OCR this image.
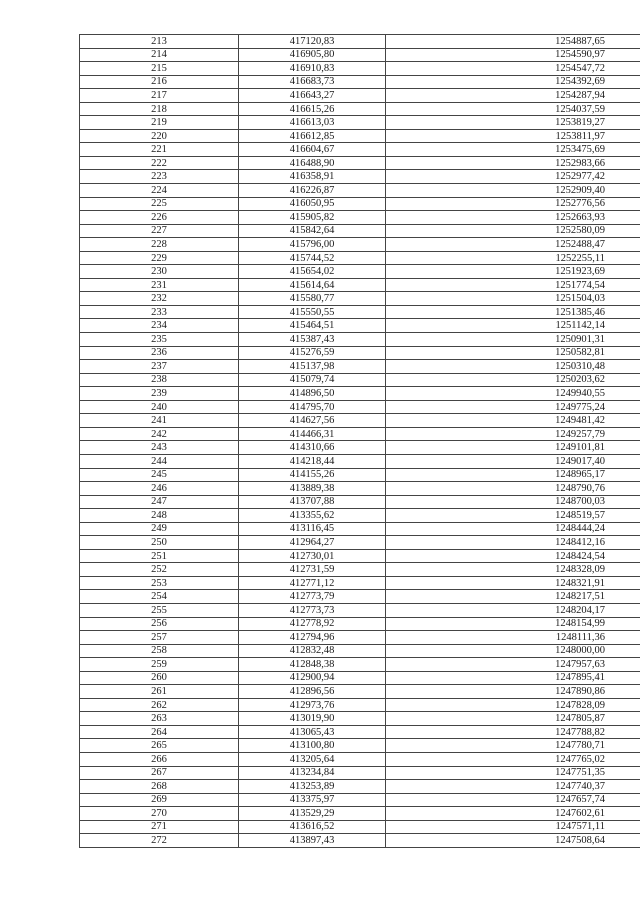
213	417120,83	1254887,65
214	416905,80	1254590,97
215	416910,83	1254547,72
216	416683,73	1254392,69
217	416643,27	1254287,94
218	416615,26	1254037,59
219	416613,03	1253819,27
220	416612,85	1253811,97
221	416604,67	1253475,69
222	416488,90	1252983,66
223	416358,91	1252977,42
224	416226,87	1252909,40
225	416050,95	1252776,56
226	415905,82	1252663,93
227	415842,64	1252580,09
228	415796,00	1252488,47
229	415744,52	1252255,11
230	415654,02	1251923,69
231	415614,64	1251774,54
232	415580,77	1251504,03
233	415550,55	1251385,46
234	415464,51	1251142,14
235	415387,43	1250901,31
236	415276,59	1250582,81
237	415137,98	1250310,48
238	415079,74	1250203,62
239	414896,50	1249940,55
240	414795,70	1249775,24
241	414627,56	1249481,42
242	414466,31	1249257,79
243	414310,66	1249101,81
244	414218,44	1249017,40
245	414155,26	1248965,17
246	413889,38	1248790,76
247	413707,88	1248700,03
248	413355,62	1248519,57
249	413116,45	1248444,24
250	412964,27	1248412,16
251	412730,01	1248424,54
252	412731,59	1248328,09
253	412771,12	1248321,91
254	412773,79	1248217,51
255	412773,73	1248204,17
256	412778,92	1248154,99
257	412794,96	1248111,36
258	412832,48	1248000,00
259	412848,38	1247957,63
260	412900,94	1247895,41
261	412896,56	1247890,86
262	412973,76	1247828,09
263	413019,90	1247805,87
264	413065,43	1247788,82
265	413100,80	1247780,71
266	413205,64	1247765,02
267	413234,84	1247751,35
268	413253,89	1247740,37
269	413375,97	1247657,74
270	413529,29	1247602,61
271	413616,52	1247571,11
272	413897,43	1247508,64
